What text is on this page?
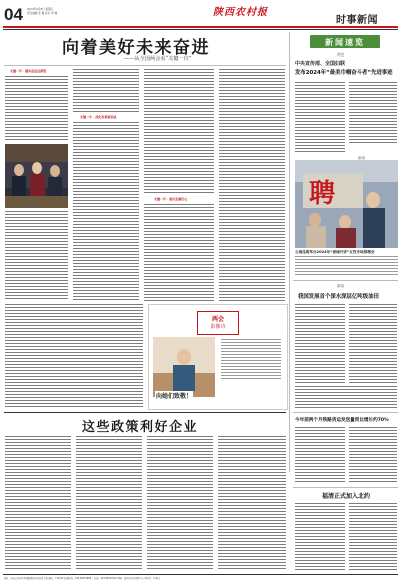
04 2024年3月8日 星期五
责任编辑 张 楠 校对 刘 楠	陕西农村报
时事新闻
向着美好未来奋进
——从全国两会看“关键一位”
关键一年 · 踏实奋进启新程
关键一年 · 深化改革谋发展
关键一年 · 惠民生暖民心
新闻速览
两会
中央宣传部、全国妇联
发布2024年“最美巾帼奋斗者”先进事迹
新闻
聘
云南昆明举办2024年“春城开讲”女性专场招聘会
新闻
我国发展首个深水深层亿吨级油田
两会
影像诗
向她们致敬！
这些政策利好企业	今年前两个月铁路货运发送量同比增长约70%
福清正式加入北约
地址：西安市经开区凤城四路陕西农村报大厦 邮编：710016 新闻热线：029-86251888 广告部：029-86252222 印刷：陕西日报社印务中心 零售价：1.00元
